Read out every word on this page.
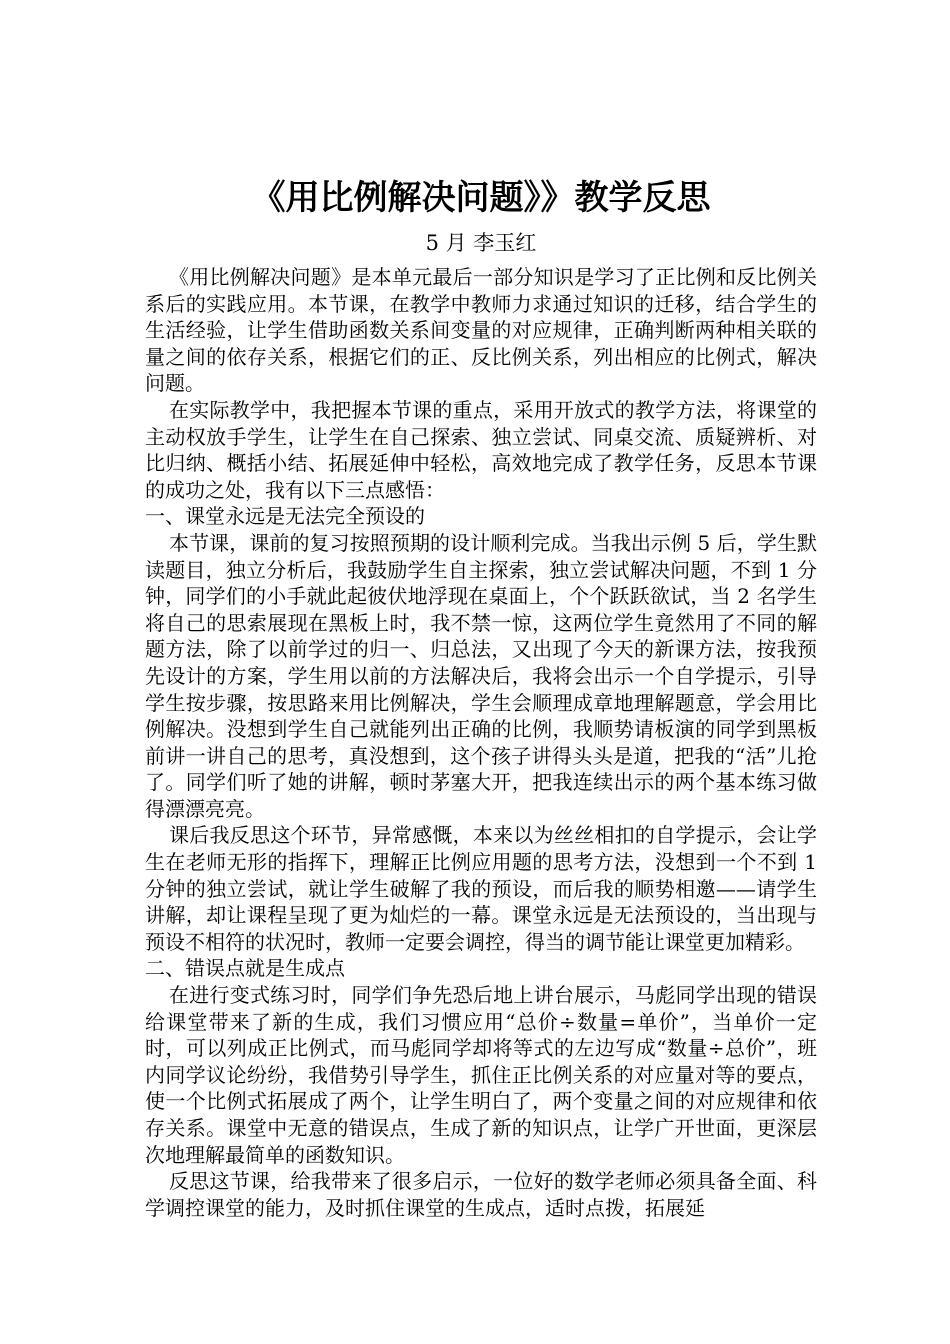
《用比例解决问题》》教学反思
5 月 李玉红

《用比例解决问题》是本单元最后一部分知识是学习了正比例和反比例关系后的实践应用。本节课，在教学中教师力求通过知识的迁移，结合学生的生活经验，让学生借助函数关系间变量的对应规律，正确判断两种相关联的量之间的依存关系，根据它们的正、反比例关系，列出相应的比例式，解决问题。

在实际教学中，我把握本节课的重点，采用开放式的教学方法，将课堂的主动权放手学生，让学生在自己探索、独立尝试、同桌交流、质疑辨析、对比归纳、概括小结、拓展延伸中轻松，高效地完成了教学任务，反思本节课的成功之处，我有以下三点感悟：

一、课堂永远是无法完全预设的

本节课，课前的复习按照预期的设计顺利完成。当我出示例 5 后，学生默读题目，独立分析后，我鼓励学生自主探索，独立尝试解决问题，不到 1 分钟，同学们的小手就此起彼伏地浮现在桌面上，个个跃跃欲试，当 2 名学生将自己的思索展现在黑板上时，我不禁一惊，这两位学生竟然用了不同的解题方法，除了以前学过的归一、归总法，又出现了今天的新课方法，按我预先设计的方案，学生用以前的方法解决后，我将会出示一个自学提示，引导学生按步骤，按思路来用比例解决，学生会顺理成章地理解题意，学会用比例解决。没想到学生自己就能列出正确的比例，我顺势请板演的同学到黑板前讲一讲自己的思考，真没想到，这个孩子讲得头头是道，把我的“活”儿抢了。同学们听了她的讲解，顿时茅塞大开，把我连续出示的两个基本练习做得漂漂亮亮。

课后我反思这个环节，异常感慨，本来以为丝丝相扣的自学提示，会让学生在老师无形的指挥下，理解正比例应用题的思考方法，没想到一个不到 1 分钟的独立尝试，就让学生破解了我的预设，而后我的顺势相邀——请学生讲解，却让课程呈现了更为灿烂的一幕。课堂永远是无法预设的，当出现与预设不相符的状况时，教师一定要会调控，得当的调节能让课堂更加精彩。

二、错误点就是生成点

在进行变式练习时，同学们争先恐后地上讲台展示，马彪同学出现的错误给课堂带来了新的生成，我们习惯应用“总价÷数量=单价”，当单价一定时，可以列成正比例式，而马彪同学却将等式的左边写成“数量÷总价”，班内同学议论纷纷，我借势引导学生，抓住正比例关系的对应量对等的要点，使一个比例式拓展成了两个，让学生明白了，两个变量之间的对应规律和依存关系。课堂中无意的错误点，生成了新的知识点，让学广开世面，更深层次地理解最简单的函数知识。

反思这节课，给我带来了很多启示，一位好的数学老师必须具备全面、科学调控课堂的能力，及时抓住课堂的生成点，适时点拨，拓展延
